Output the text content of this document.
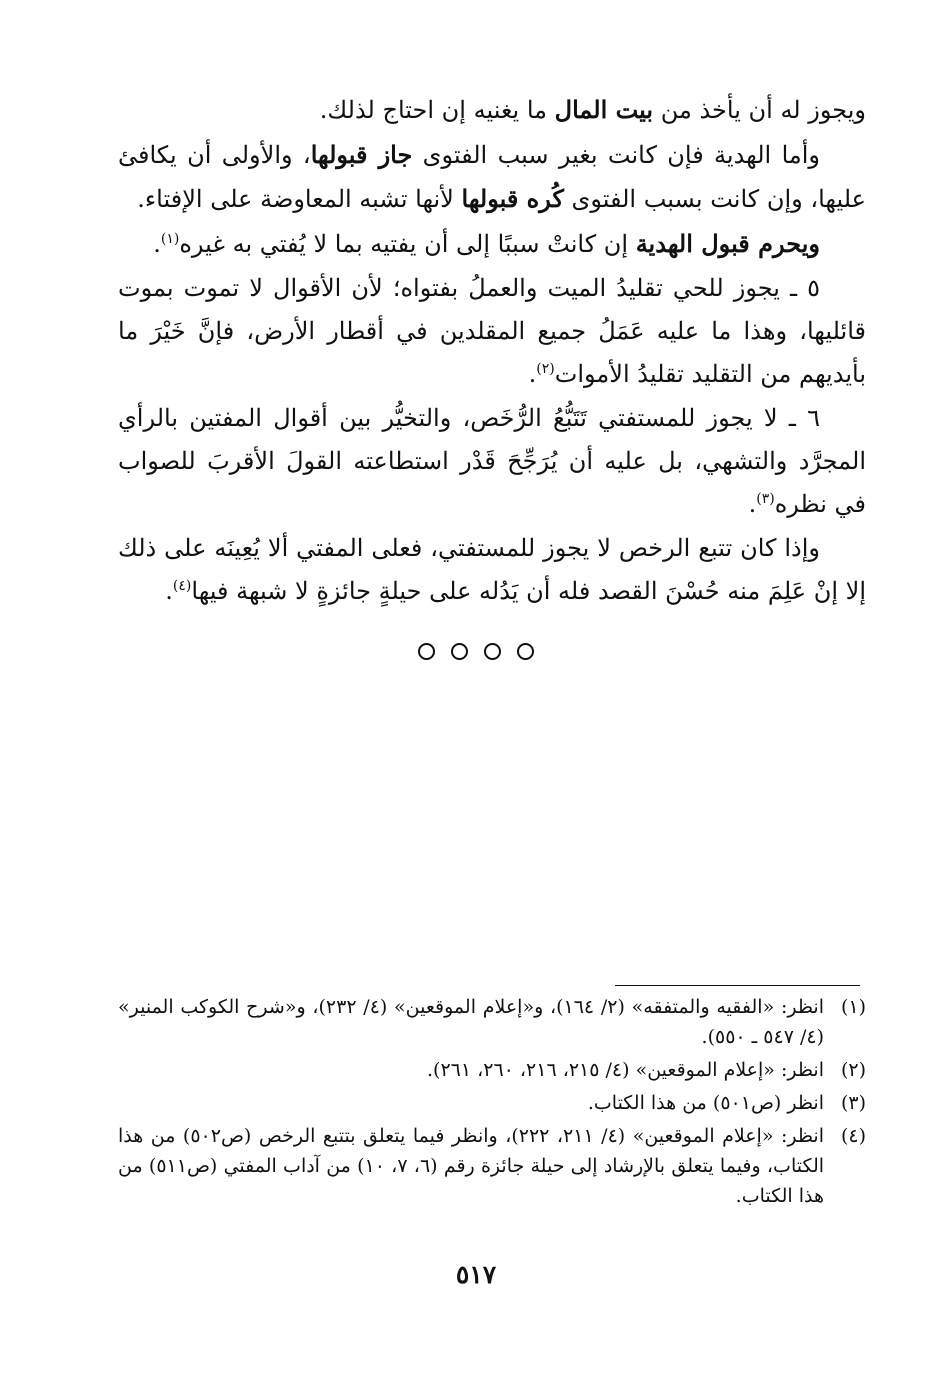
ويجوز له أن يأخذ من بيت المال ما يغنيه إن احتاج لذلك.

وأما الهدية فإن كانت بغير سبب الفتوى جاز قبولها، والأولى أن يكافئ عليها، وإن كانت بسبب الفتوى كُره قبولها لأنها تشبه المعاوضة على الإفتاء.

ويحرم قبول الهدية إن كانتْ سببًا إلى أن يفتيه بما لا يُفتي به غيره$^{(١)}$.

٥ ـ يجوز للحي تقليدُ الميت والعملُ بفتواه؛ لأن الأقوال لا تموت بموت قائليها، وهذا ما عليه عَمَلُ جميع المقلدين في أقطار الأرض، فإنَّ خَيْرَ ما بأيديهم من التقليد تقليدُ الأموات$^{(٢)}$.

٦ ـ لا يجوز للمستفتي تَتَبُّعُ الرُّخَص، والتخيُّر بين أقوال المفتين بالرأي المجرَّد والتشهي، بل عليه أن يُرَجِّحَ قَدْر استطاعته القولَ الأقربَ للصواب في نظره$^{(٣)}$.

وإذا كان تتبع الرخص لا يجوز للمستفتي، فعلى المفتي ألا يُعِينَه على ذلك إلا إنْ عَلِمَ منه حُسْنَ القصد فله أن يَدُله على حيلةٍ جائزةٍ لا شبهة فيها$^{(٤)}$.

(١)
انظر: «الفقيه والمتفقه» (٢/ ١٦٤)، و«إعلام الموقعين» (٤/ ٢٣٢)، و«شرح الكوكب المنير» (٤/ ٥٤٧ ـ ٥٥٠).
(٢)
انظر: «إعلام الموقعين» (٤/ ٢١٥، ٢١٦، ٢٦٠، ٢٦١).
(٣)
انظر (ص٥٠١) من هذا الكتاب.
(٤)
انظر: «إعلام الموقعين» (٤/ ٢١١، ٢٢٢)، وانظر فيما يتعلق بتتبع الرخص (ص٥٠٢) من هذا الكتاب، وفيما يتعلق بالإرشاد إلى حيلة جائزة رقم (٦، ٧، ١٠) من آداب المفتي (ص٥١١) من هذا الكتاب.
٥١٧
